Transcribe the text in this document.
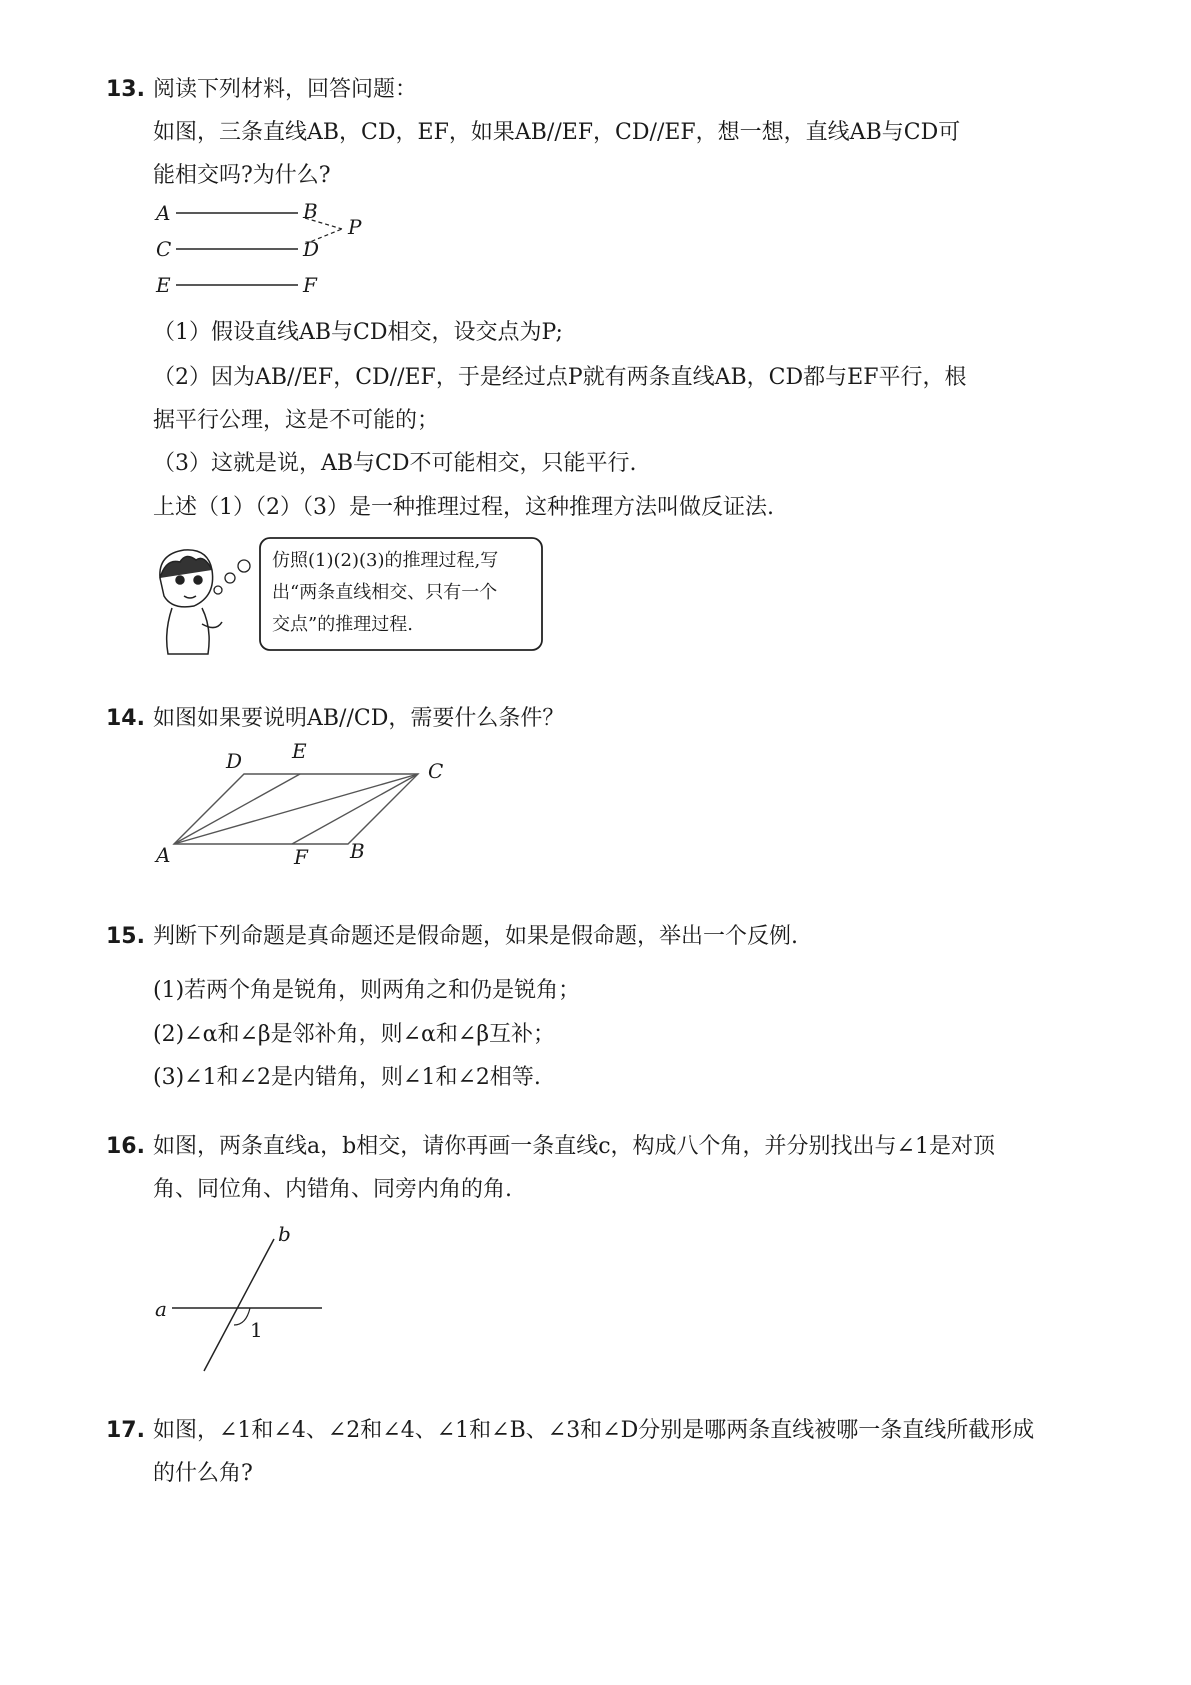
13. 阅读下列材料，回答问题：
如图，三条直线AB，CD，EF，如果AB//EF，CD//EF，想一想，直线AB与CD可
能相交吗?为什么?
A	B
C	D
E	F
P
（1）假设直线AB与CD相交，设交点为P;
（2）因为AB//EF，CD//EF，于是经过点P就有两条直线AB，CD都与EF平行，根
据平行公理，这是不可能的；
（3）这就是说，AB与CD不可能相交，只能平行.
上述（1）（2）（3）是一种推理过程，这种推理方法叫做反证法.
仿照(1)(2)(3)的推理过程,写
出“两条直线相交、只有一个
交点”的推理过程.
14. 如图如果要说明AB//CD，需要什么条件？
D E
C
A	F B
15. 判断下列命题是真命题还是假命题，如果是假命题，举出一个反例.
(1)若两个角是锐角，则两角之和仍是锐角；
(2)∠α和∠β是邻补角，则∠α和∠β互补；
(3)∠1和∠2是内错角，则∠1和∠2相等.
16. 如图，两条直线a，b相交，请你再画一条直线c，构成八个角，并分别找出与∠1是对顶
角、同位角、内错角、同旁内角的角.
a
b
1
17. 如图，∠1和∠4、∠2和∠4、∠1和∠B、∠3和∠D分别是哪两条直线被哪一条直线所截形成
的什么角?
